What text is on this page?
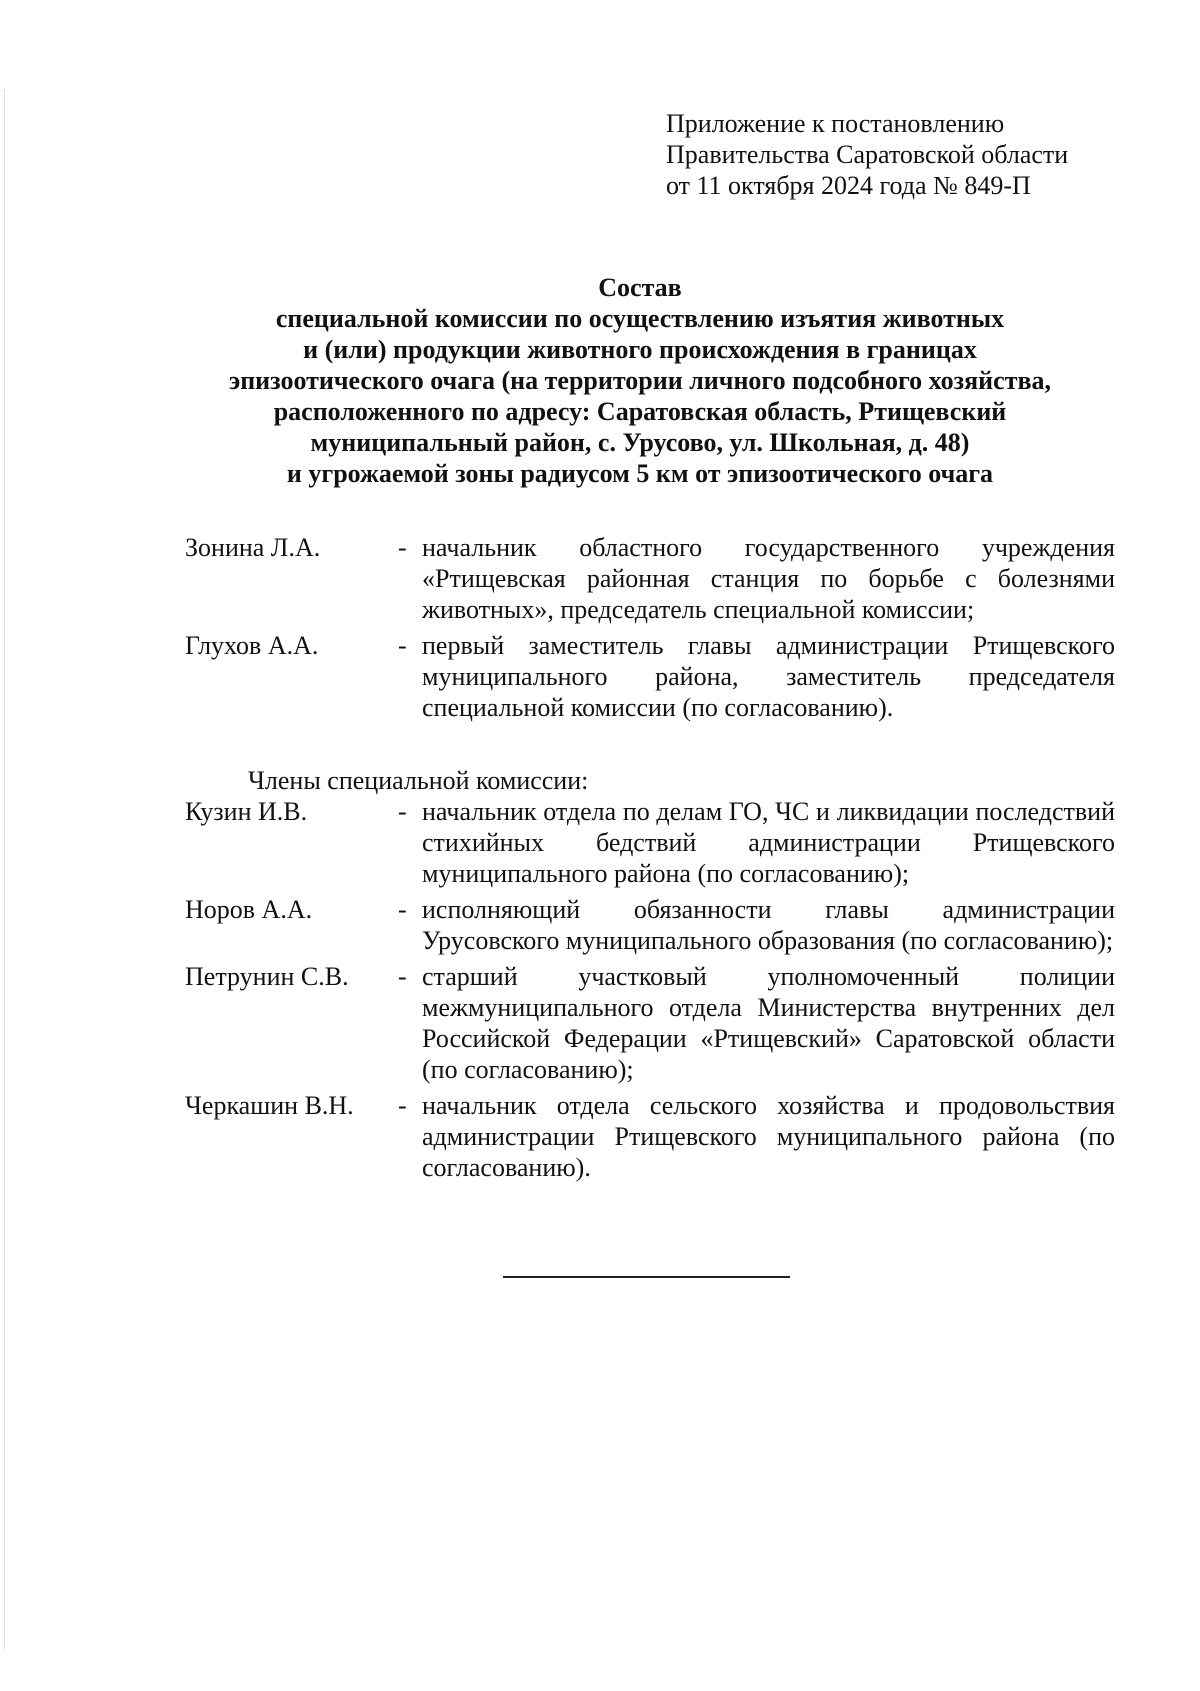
Приложение к постановлению
Правительства Саратовской области
от 11 октября 2024 года № 849-П
Состав
специальной комиссии по осуществлению изъятия животных
и (или) продукции животного происхождения в границах
эпизоотического очага (на территории личного подсобного хозяйства,
расположенного по адресу: Саратовская область, Ртищевский
муниципальный район, с. Урусово, ул. Школьная, д. 48)
и угрожаемой зоны радиусом 5 км от эпизоотического очага
Зонина Л.А.	- начальник областного государственного учреждения «Ртищевская районная станция по борьбе с болезнями животных», председатель специальной комиссии;
Глухов А.А.	- первый заместитель главы администрации Ртищевского муниципального района, заместитель председателя специальной комиссии (по согласованию).
Члены специальной комиссии:
Кузин И.В.	- начальник отдела по делам ГО, ЧС и ликвидации последствий стихийных бедствий администрации Ртищевского муниципального района (по согласованию);
Норов А.А.	- исполняющий обязанности главы администрации Урусовского муниципального образования (по согласованию);
Петрунин С.В.	- старший участковый уполномоченный полиции межмуниципального отдела Министерства внутренних дел Российской Федерации «Ртищевский» Саратовской области (по согласованию);
Черкашин В.Н.	- начальник отдела сельского хозяйства и продовольствия администрации Ртищевского муниципального района (по согласованию).
